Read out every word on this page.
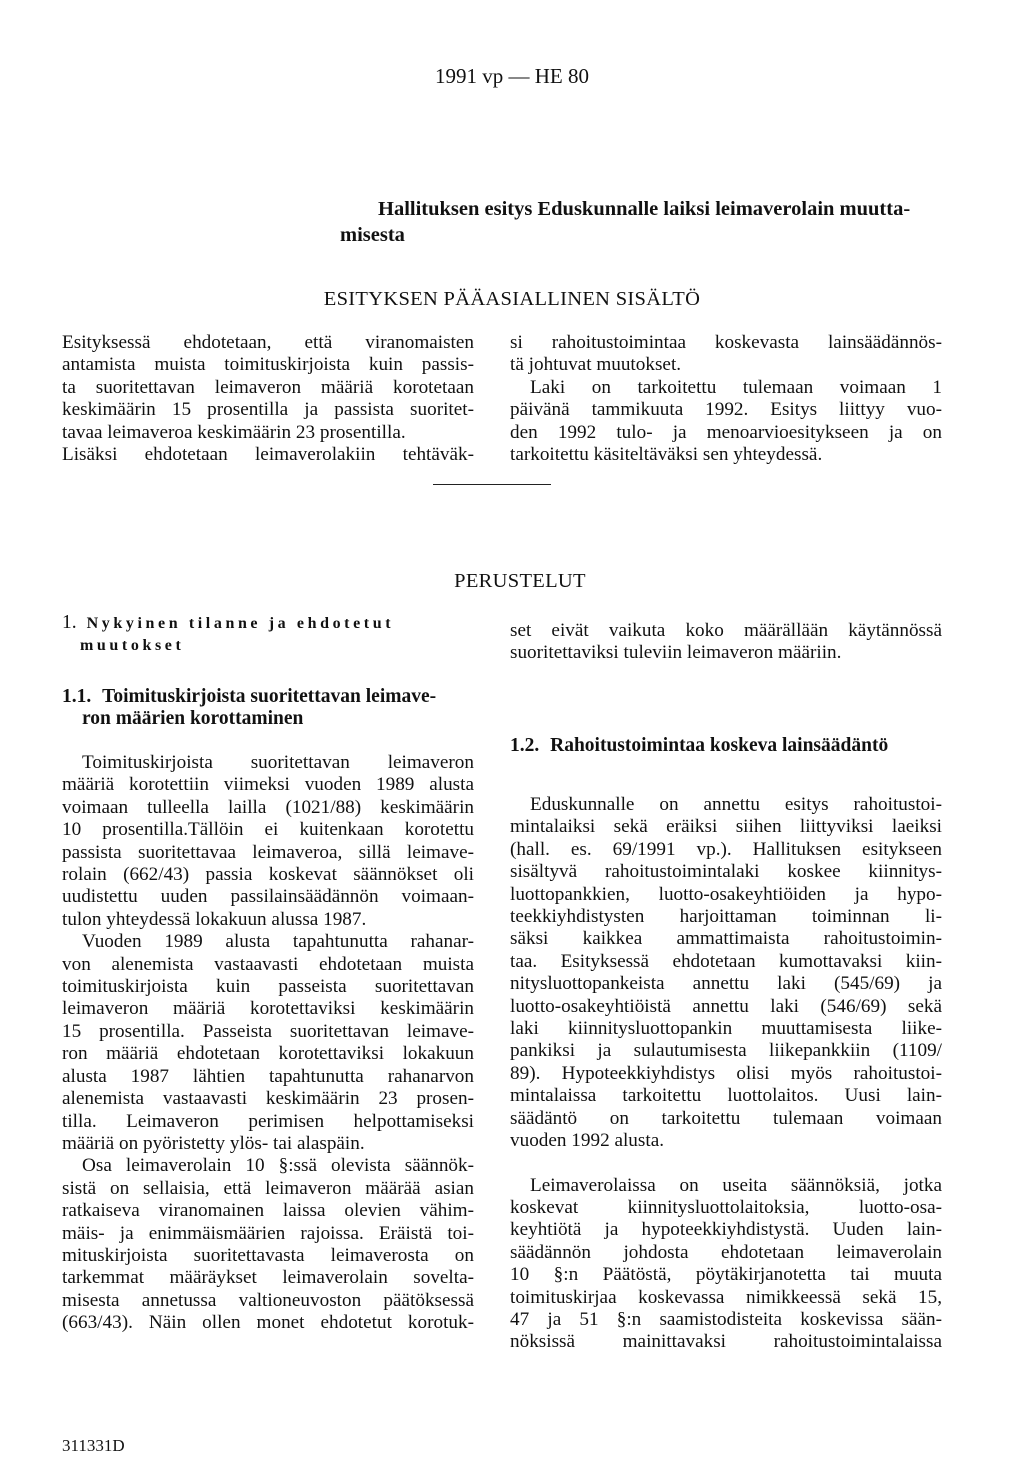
1991 vp — HE 80
Hallituksen esitys Eduskunnalle laiksi leimaverolain muutta-
misesta
ESITYKSEN PÄÄASIALLINEN SISÄLTÖ
Esityksessä ehdotetaan, että viranomaisten
antamista muista toimituskirjoista kuin passis-
ta suoritettavan leimaveron määriä korotetaan
keskimäärin 15 prosentilla ja passista suoritet-
tavaa leimaveroa keskimäärin 23 prosentilla.
Lisäksi ehdotetaan leimaverolakiin tehtäväk-
si rahoitustoimintaa koskevasta lainsäädännös-
tä johtuvat muutokset.
Laki on tarkoitettu tulemaan voimaan 1
päivänä tammikuuta 1992. Esitys liittyy vuo-
den 1992 tulo- ja menoarvioesitykseen ja on
tarkoitettu käsiteltäväksi sen yhteydessä.
PERUSTELUT
1. Nykyinen tilanne ja ehdotetut
muutokset
1.1. Toimituskirjoista suoritettavan leimave-
ron määrien korottaminen
Toimituskirjoista suoritettavan leimaveron
määriä korotettiin viimeksi vuoden 1989 alusta
voimaan tulleella lailla (1021/88) keskimäärin
10 prosentilla.Tällöin ei kuitenkaan korotettu
passista suoritettavaa leimaveroa, sillä leimave-
rolain (662/43) passia koskevat säännökset oli
uudistettu uuden passilainsäädännön voimaan-
tulon yhteydessä lokakuun alussa 1987.
Vuoden 1989 alusta tapahtunutta rahanar-
von alenemista vastaavasti ehdotetaan muista
toimituskirjoista kuin passeista suoritettavan
leimaveron määriä korotettaviksi keskimäärin
15 prosentilla. Passeista suoritettavan leimave-
ron määriä ehdotetaan korotettaviksi lokakuun
alusta 1987 lähtien tapahtunutta rahanarvon
alenemista vastaavasti keskimäärin 23 prosen-
tilla. Leimaveron perimisen helpottamiseksi
määriä on pyöristetty ylös- tai alaspäin.
Osa leimaverolain 10 §:ssä olevista säännök-
sistä on sellaisia, että leimaveron määrää asian
ratkaiseva viranomainen laissa olevien vähim-
mäis- ja enimmäismäärien rajoissa. Eräistä toi-
mituskirjoista suoritettavasta leimaverosta on
tarkemmat määräykset leimaverolain sovelta-
misesta annetussa valtioneuvoston päätöksessä
(663/43). Näin ollen monet ehdotetut korotuk-
set eivät vaikuta koko määrällään käytännössä
suoritettaviksi tuleviin leimaveron määriin.
1.2. Rahoitustoimintaa koskeva lainsäädäntö
Eduskunnalle on annettu esitys rahoitustoi-
mintalaiksi sekä eräiksi siihen liittyviksi laeiksi
(hall. es. 69/1991 vp.). Hallituksen esitykseen
sisältyvä rahoitustoimintalaki koskee kiinnitys-
luottopankkien, luotto-osakeyhtiöiden ja hypo-
teekkiyhdistysten harjoittaman toiminnan li-
säksi kaikkea ammattimaista rahoitustoimin-
taa. Esityksessä ehdotetaan kumottavaksi kiin-
nitysluottopankeista annettu laki (545/69) ja
luotto-osakeyhtiöistä annettu laki (546/69) sekä
laki kiinnitysluottopankin muuttamisesta liike-
pankiksi ja sulautumisesta liikepankkiin (1109/
89). Hypoteekkiyhdistys olisi myös rahoitustoi-
mintalaissa tarkoitettu luottolaitos. Uusi lain-
säädäntö on tarkoitettu tulemaan voimaan
vuoden 1992 alusta.
Leimaverolaissa on useita säännöksiä, jotka
koskevat kiinnitysluottolaitoksia, luotto-osa-
keyhtiötä ja hypoteekkiyhdistystä. Uuden lain-
säädännön johdosta ehdotetaan leimaverolain
10 §:n Päätöstä, pöytäkirjanotetta tai muuta
toimituskirjaa koskevassa nimikkeessä sekä 15,
47 ja 51 §:n saamistodisteita koskevissa sään-
nöksissä mainittavaksi rahoitustoimintalaissa
311331D
